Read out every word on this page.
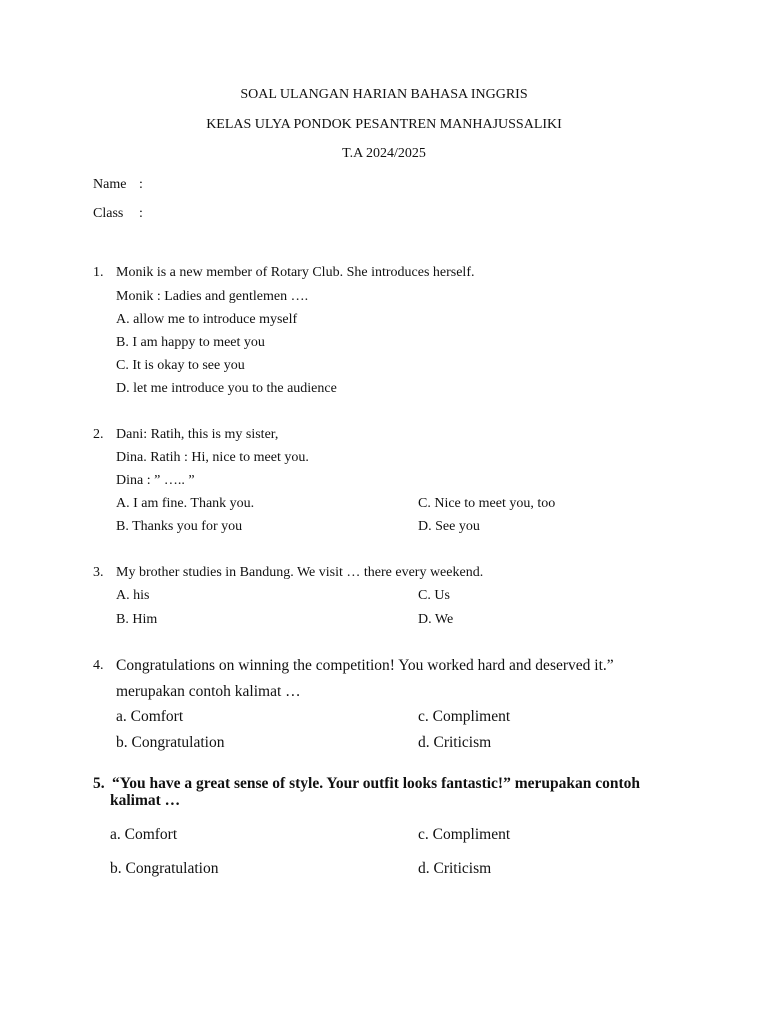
SOAL ULANGAN HARIAN BAHASA INGGRIS
KELAS ULYA PONDOK PESANTREN MANHAJUSSALIKI
T.A 2024/2025
Name :
Class :
1. Monik is a new member of Rotary Club. She introduces herself.
Monik : Ladies and gentlemen ….
A. allow me to introduce myself
B. I am happy to meet you
C. It is okay to see you
D. let me introduce you to the audience
2. Dani: Ratih, this is my sister,
Dina. Ratih : Hi, nice to meet you.
Dina : ” ….. ”
A. I am fine. Thank you.	C. Nice to meet you, too
B. Thanks you for you	D. See you
3. My brother studies in Bandung. We visit … there every weekend.
A. his	C. Us
B. Him	D. We
4. Congratulations on winning the competition! You worked hard and deserved it.”
merupakan contoh kalimat …
a. Comfort	c. Compliment
b. Congratulation	d. Criticism
5. “You have a great sense of style. Your outfit looks fantastic!” merupakan contoh
kalimat …
a. Comfort	c. Compliment
b. Congratulation	d. Criticism
